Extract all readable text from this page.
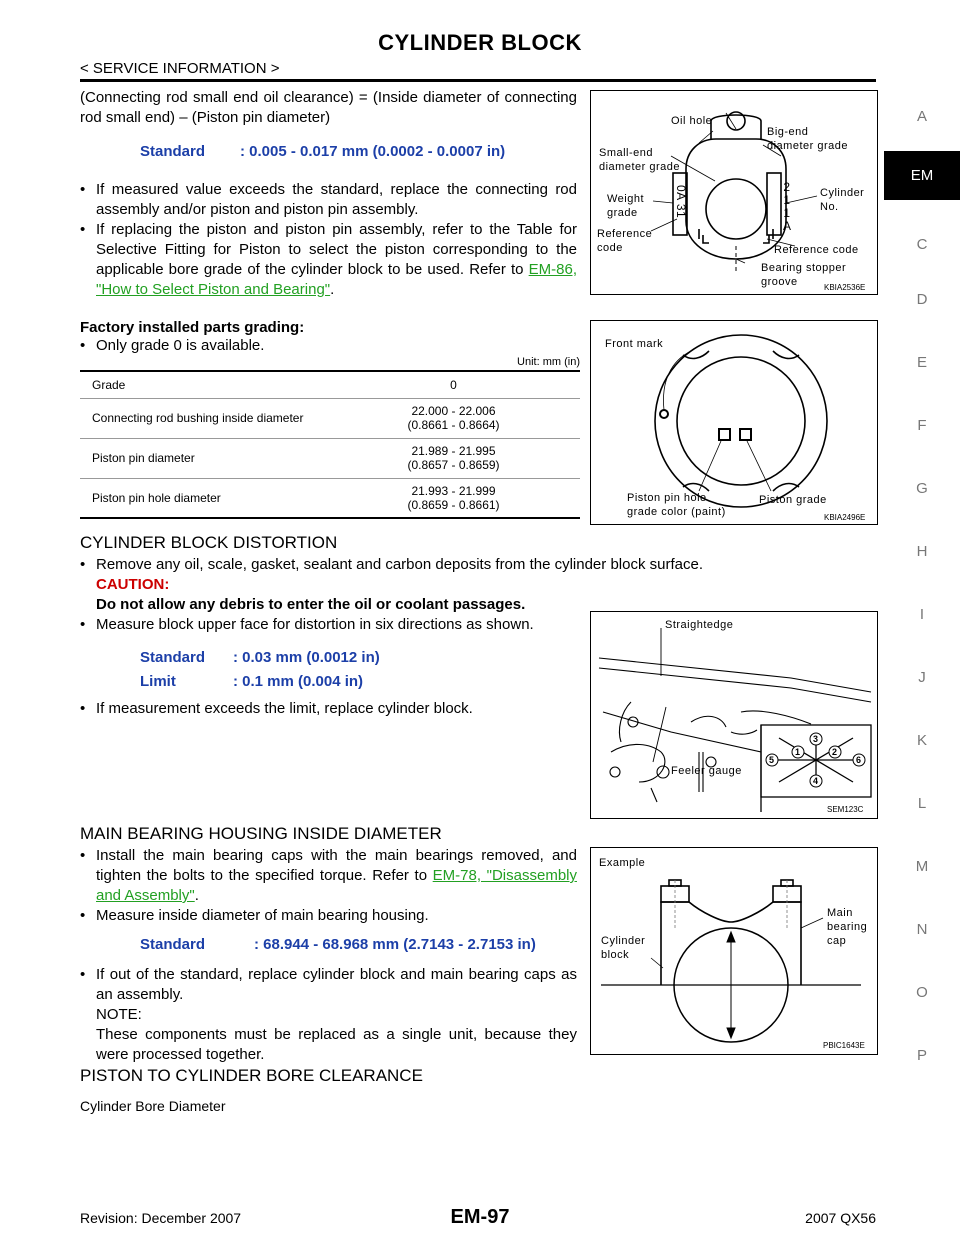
CYLINDER BLOCK
< SERVICE INFORMATION >
A
EM
C
D
E
F
G
H
I
J
K
L
M
N
O
P
(Connecting rod small end oil clearance) = (Inside diameter of connecting rod small end) – (Piston pin diameter)
Standard : 0.005 - 0.017 mm (0.0002 - 0.0007 in)
• If measured value exceeds the standard, replace the connecting rod assembly and/or piston and piston pin assembly.
• If replacing the piston and piston pin assembly, refer to the Table for Selective Fitting for Piston to select the piston corresponding to the applicable bore grade of the cylinder block to be used. Refer to EM-86, "How to Select Piston and Bearing".
Factory installed parts grading:
• Only grade 0 is available.
Unit: mm (in)
Grade	0
Connecting rod bushing inside diameter	22.000 - 22.006
(0.8661 - 0.8664)
Piston pin diameter	21.989 - 21.995
(0.8657 - 0.8659)
Piston pin hole diameter	21.993 - 21.999
(0.8659 - 0.8661)
CYLINDER BLOCK DISTORTION
• Remove any oil, scale, gasket, sealant and carbon deposits from the cylinder block surface.
CAUTION:
Do not allow any debris to enter the oil or coolant passages.
• Measure block upper face for distortion in six directions as shown.
Standard : 0.03 mm (0.0012 in)
Limit	: 0.1 mm (0.004 in)
• If measurement exceeds the limit, replace cylinder block.
MAIN BEARING HOUSING INSIDE DIAMETER
• Install the main bearing caps with the main bearings removed, and tighten the bolts to the specified torque. Refer to EM-78, "Disassembly and Assembly".
• Measure inside diameter of main bearing housing.
Standard	: 68.944 - 68.968 mm (2.7143 - 2.7153 in)
• If out of the standard, replace cylinder block and main bearing caps as an assembly.
NOTE:
These components must be replaced as a single unit, because they were processed together.
PISTON TO CYLINDER BORE CLEARANCE
Cylinder Bore Diameter
Oil hole
Small-end
diameter grade
Big-end
diameter grade
Weight
grade
Cylinder
No.
Reference
code	Reference code
Bearing stopper
groove
0A 31	2
1
1
A
KBIA2536E
Front mark
Piston pin hole
grade color (paint)
Piston grade
KBIA2496E
Straightedge
Feeler gauge
1	2
3
4
5	6
SEM123C
Example
Cylinder
block
Main
bearing
cap
PBIC1643E
Revision: December 2007	EM-97	2007 QX56
